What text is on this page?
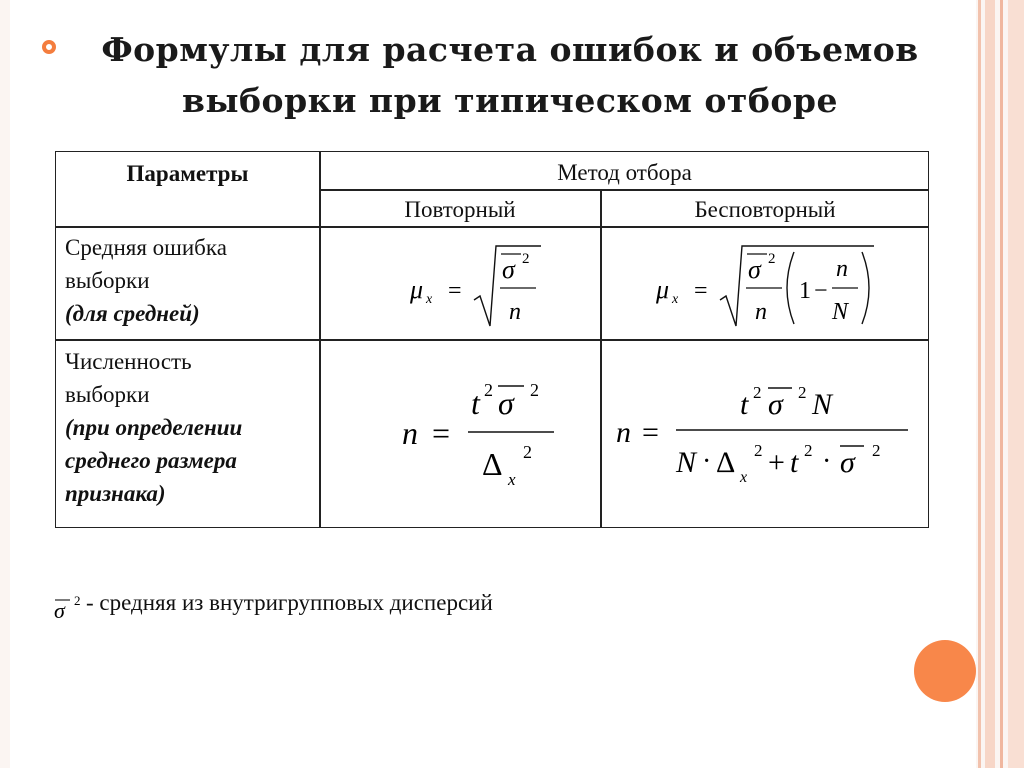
Формулы для расчета ошибок и объемов
выборки при типическом отборе
Параметры	Метод отбора
Повторный	Бесповторный
Средняя ошибка
выборки
(для средней)
Численность
выборки
(при определении
среднего размера
признака)
μ x =
σ 2
n
μ x =
σ 2
n
1 −
n
N
n =
t 2 σ 2
Δ x
2
n =
t 2 σ 2 N
N · Δ x
2 + t 2 · σ 2
σ 2 - средняя из внутригрупповых дисперсий
